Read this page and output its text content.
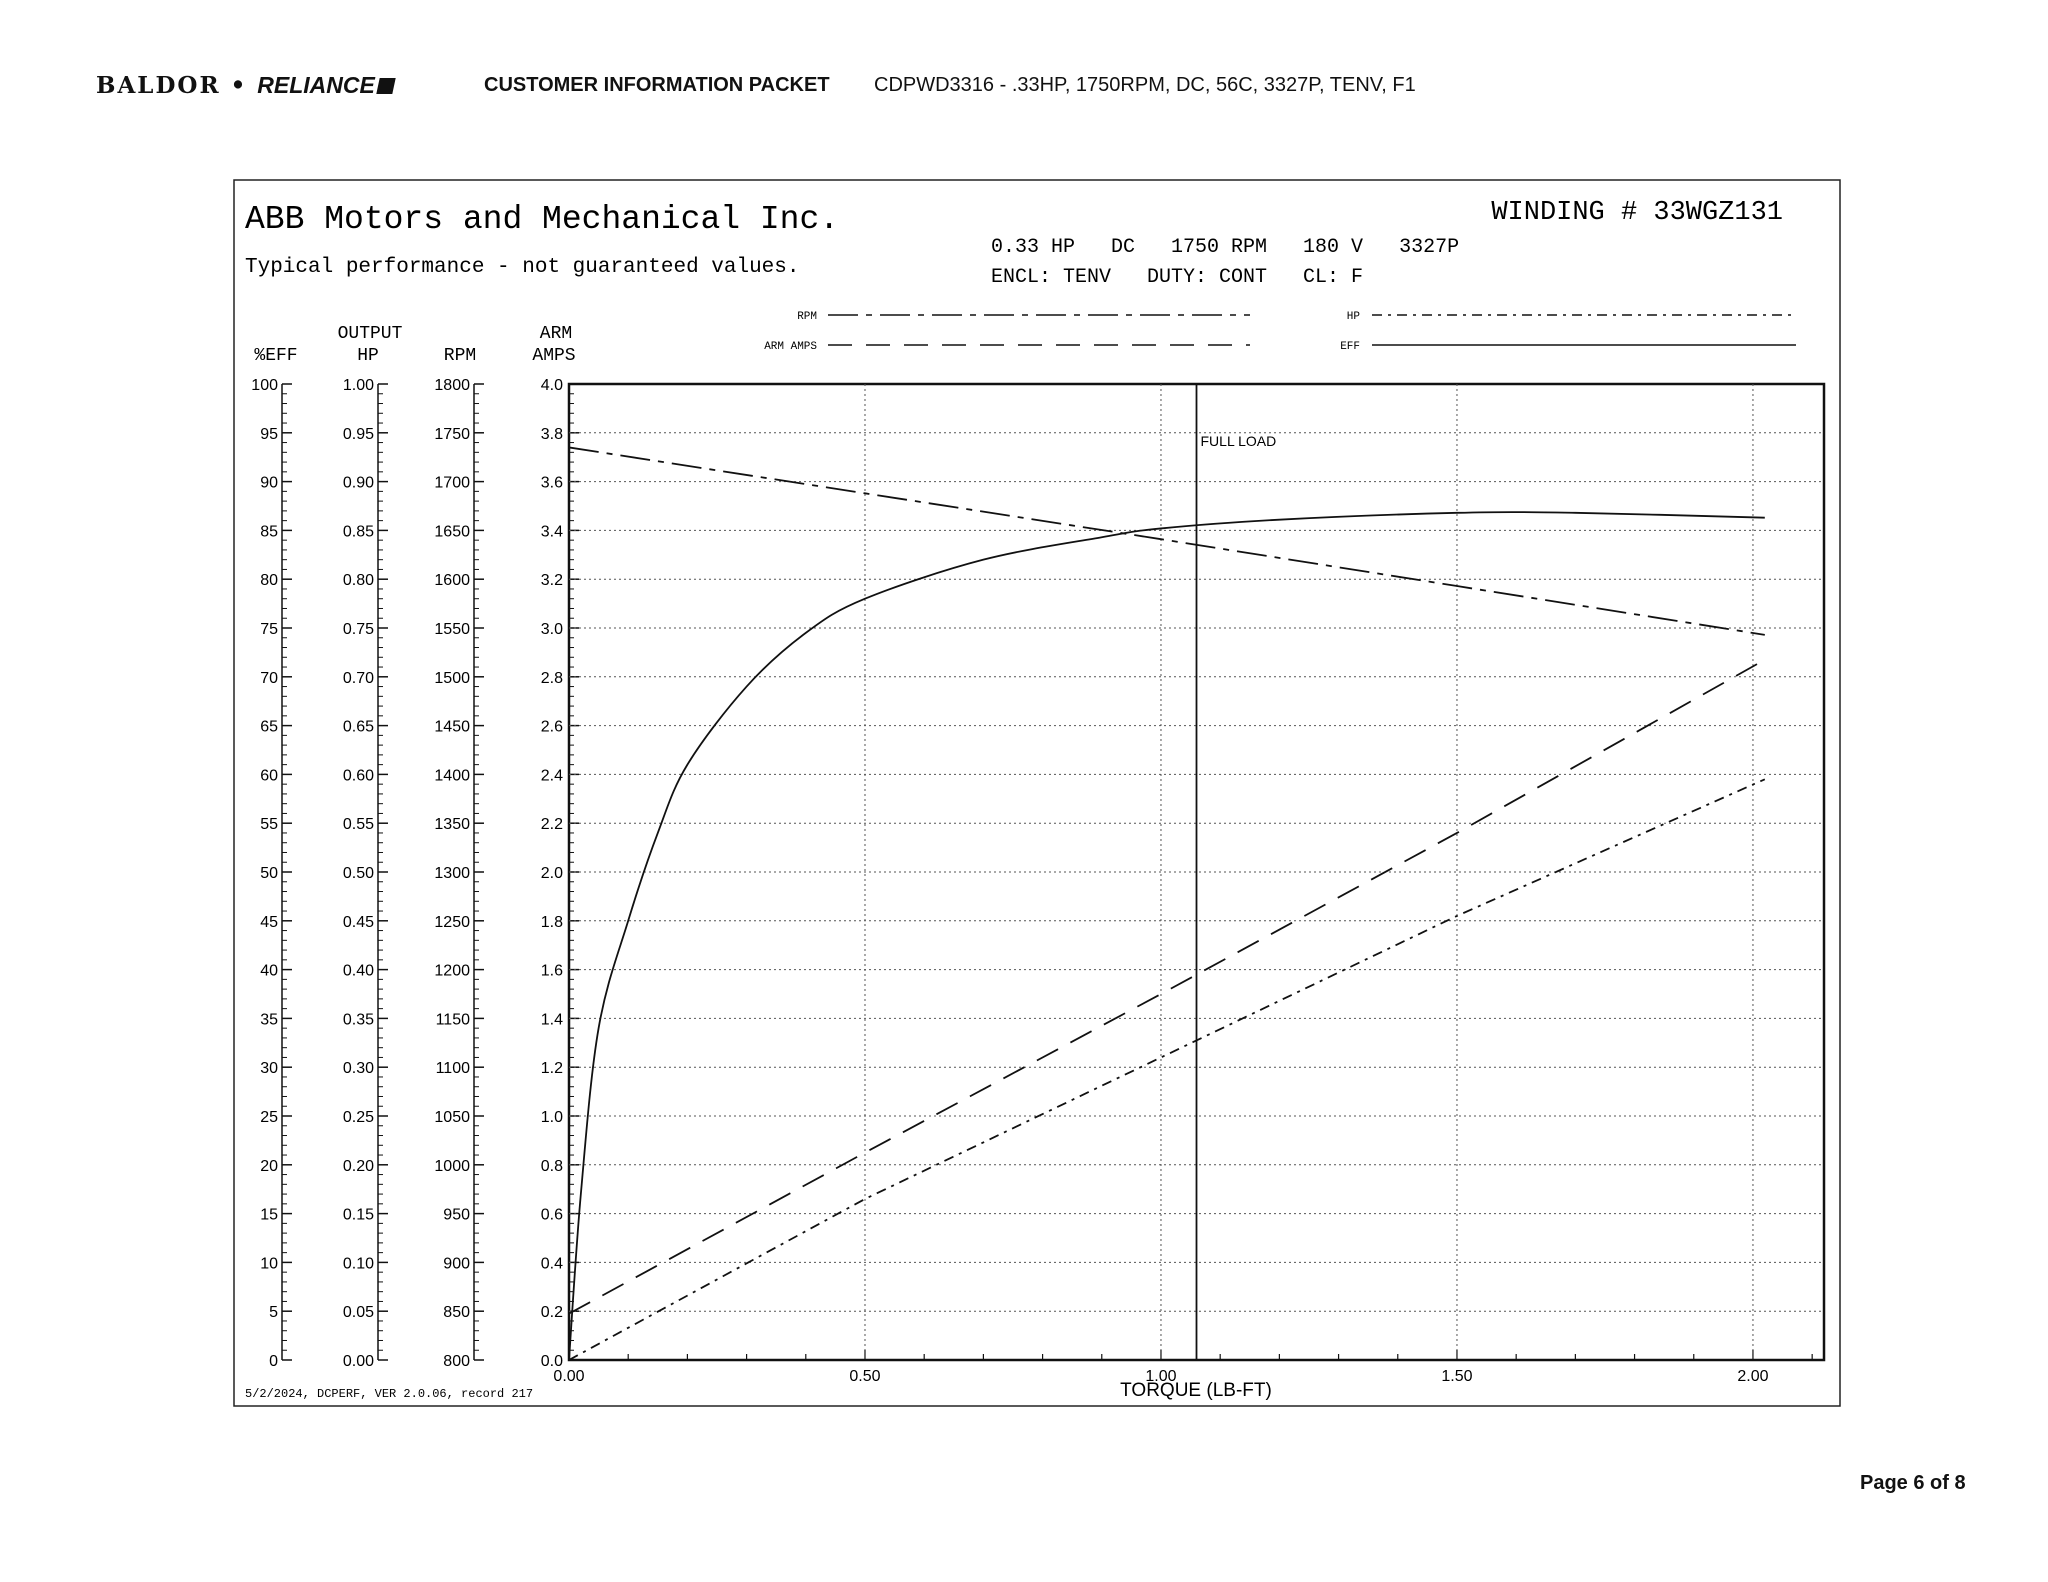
BALDOR • RELIANCE	CUSTOMER INFORMATION PACKET CDPWD3316 - .33HP, 1750RPM, DC, 56C, 3327P, TENV, F1
ABB Motors and Mechanical Inc.
Typical performance - not guaranteed values.
WINDING # 33WGZ131
0.33 HP   DC   1750 RPM   180 V   3327P
ENCL: TENV   DUTY: CONT   CL: F
RPM
ARM AMPS
HP
EFF
%EFF
OUTPUT
HP	RPM
ARM
AMPS
100
95
90
85
80
75
70
65
60
55
50
45
40
35
30
25
20
15
10
5
0
1.00
0.95
0.90
0.85
0.80
0.75
0.70
0.65
0.60
0.55
0.50
0.45
0.40
0.35
0.30
0.25
0.20
0.15
0.10
0.05
0.00
1800
1750
1700
1650
1600
1550
1500
1450
1400
1350
1300
1250
1200
1150
1100
1050
1000
950
900
850
800
4.0
3.8
3.6
3.4
3.2
3.0
2.8
2.6
2.4
2.2
2.0
1.8
1.6
1.4
1.2
1.0
0.8
0.6
0.4
0.2
0.0
0.00	0.50	1.00	1.50	2.00
FULL LOAD
TORQUE (LB-FT)
5/2/2024, DCPERF, VER 2.0.06, record 217
Page 6 of 8
